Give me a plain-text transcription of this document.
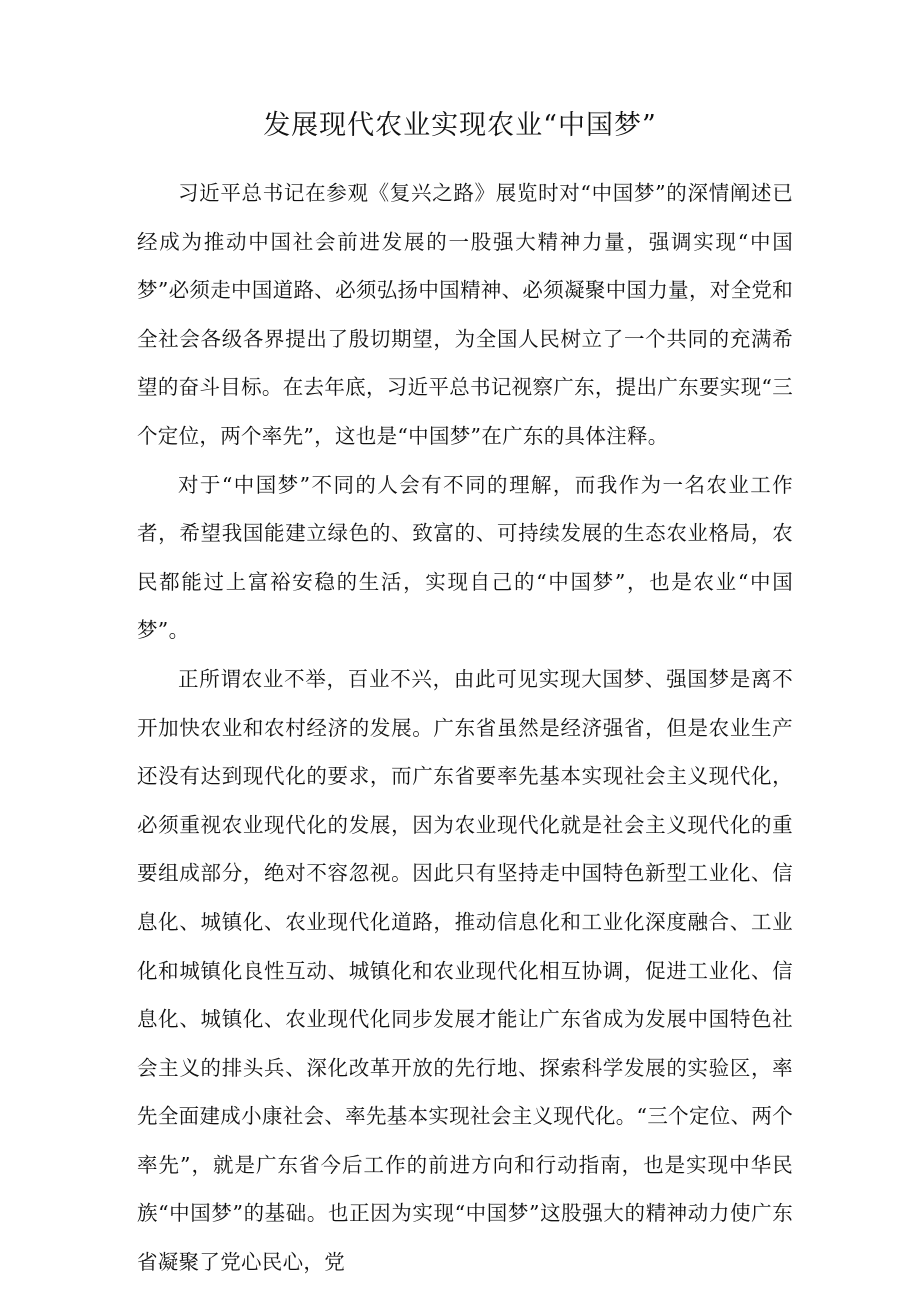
发展现代农业实现农业“中国梦”

习近平总书记在参观《复兴之路》展览时对“中国梦”的深情阐述已经成为推动中国社会前进发展的一股强大精神力量，强调实现“中国梦”必须走中国道路、必须弘扬中国精神、必须凝聚中国力量，对全党和全社会各级各界提出了殷切期望，为全国人民树立了一个共同的充满希望的奋斗目标。在去年底，习近平总书记视察广东，提出广东要实现“三个定位，两个率先”，这也是“中国梦”在广东的具体注释。

对于“中国梦”不同的人会有不同的理解，而我作为一名农业工作者，希望我国能建立绿色的、致富的、可持续发展的生态农业格局，农民都能过上富裕安稳的生活，实现自己的“中国梦”，也是农业“中国梦”。

正所谓农业不举，百业不兴，由此可见实现大国梦、强国梦是离不开加快农业和农村经济的发展。广东省虽然是经济强省，但是农业生产还没有达到现代化的要求，而广东省要率先基本实现社会主义现代化，必须重视农业现代化的发展，因为农业现代化就是社会主义现代化的重要组成部分，绝对不容忽视。因此只有坚持走中国特色新型工业化、信息化、城镇化、农业现代化道路，推动信息化和工业化深度融合、工业化和城镇化良性互动、城镇化和农业现代化相互协调，促进工业化、信息化、城镇化、农业现代化同步发展才能让广东省成为发展中国特色社会主义的排头兵、深化改革开放的先行地、探索科学发展的实验区，率先全面建成小康社会、率先基本实现社会主义现代化。“三个定位、两个率先”，就是广东省今后工作的前进方向和行动指南，也是实现中华民族“中国梦”的基础。也正因为实现“中国梦”这股强大的精神动力使广东省凝聚了党心民心，党
